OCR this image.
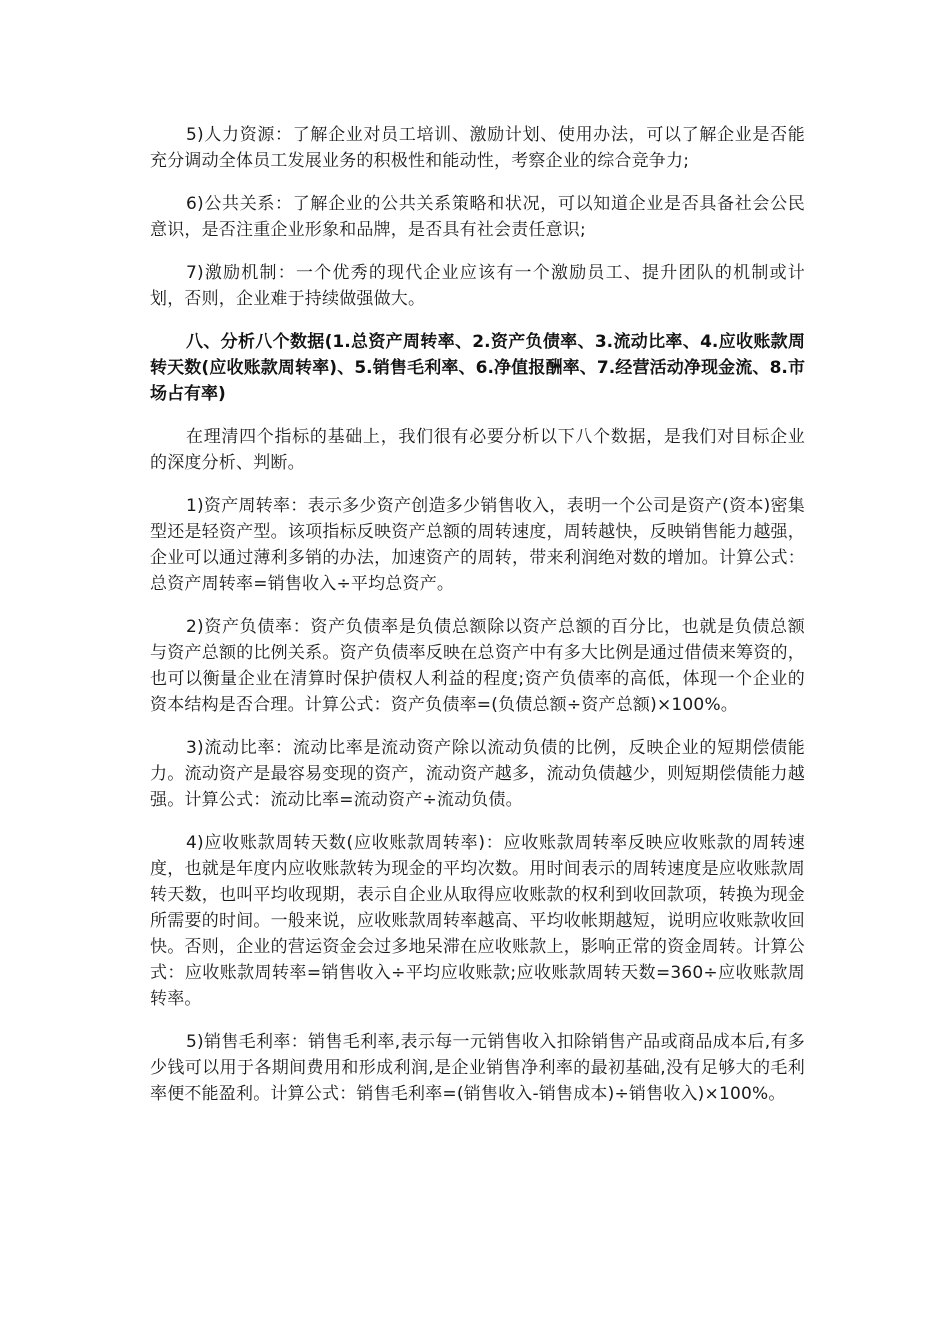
5)人力资源：了解企业对员工培训、激励计划、使用办法，可以了解企业是否能充分调动全体员工发展业务的积极性和能动性，考察企业的综合竞争力;

6)公共关系：了解企业的公共关系策略和状况，可以知道企业是否具备社会公民意识，是否注重企业形象和品牌，是否具有社会责任意识;

7)激励机制：一个优秀的现代企业应该有一个激励员工、提升团队的机制或计划，否则，企业难于持续做强做大。

八、分析八个数据(1.总资产周转率、2.资产负债率、3.流动比率、4.应收账款周转天数(应收账款周转率)、5.销售毛利率、6.净值报酬率、7.经营活动净现金流、8.市场占有率)

在理清四个指标的基础上，我们很有必要分析以下八个数据，是我们对目标企业的深度分析、判断。

1)资产周转率：表示多少资产创造多少销售收入，表明一个公司是资产(资本)密集型还是轻资产型。该项指标反映资产总额的周转速度，周转越快，反映销售能力越强，企业可以通过薄利多销的办法，加速资产的周转，带来利润绝对数的增加。计算公式：总资产周转率=销售收入÷平均总资产。

2)资产负债率：资产负债率是负债总额除以资产总额的百分比，也就是负债总额与资产总额的比例关系。资产负债率反映在总资产中有多大比例是通过借债来筹资的，也可以衡量企业在清算时保护债权人利益的程度;资产负债率的高低，体现一个企业的资本结构是否合理。计算公式：资产负债率=(负债总额÷资产总额)×100%。

3)流动比率：流动比率是流动资产除以流动负债的比例，反映企业的短期偿债能力。流动资产是最容易变现的资产，流动资产越多，流动负债越少，则短期偿债能力越强。计算公式：流动比率=流动资产÷流动负债。

4)应收账款周转天数(应收账款周转率)：应收账款周转率反映应收账款的周转速度，也就是年度内应收账款转为现金的平均次数。用时间表示的周转速度是应收账款周转天数，也叫平均收现期，表示自企业从取得应收账款的权利到收回款项，转换为现金所需要的时间。一般来说，应收账款周转率越高、平均收帐期越短，说明应收账款收回快。否则，企业的营运资金会过多地呆滞在应收账款上，影响正常的资金周转。计算公式：应收账款周转率=销售收入÷平均应收账款;应收账款周转天数=360÷应收账款周转率。

5)销售毛利率：销售毛利率,表示每一元销售收入扣除销售产品或商品成本后,有多少钱可以用于各期间费用和形成利润,是企业销售净利率的最初基础,没有足够大的毛利率便不能盈利。计算公式：销售毛利率=(销售收入-销售成本)÷销售收入)×100%。
